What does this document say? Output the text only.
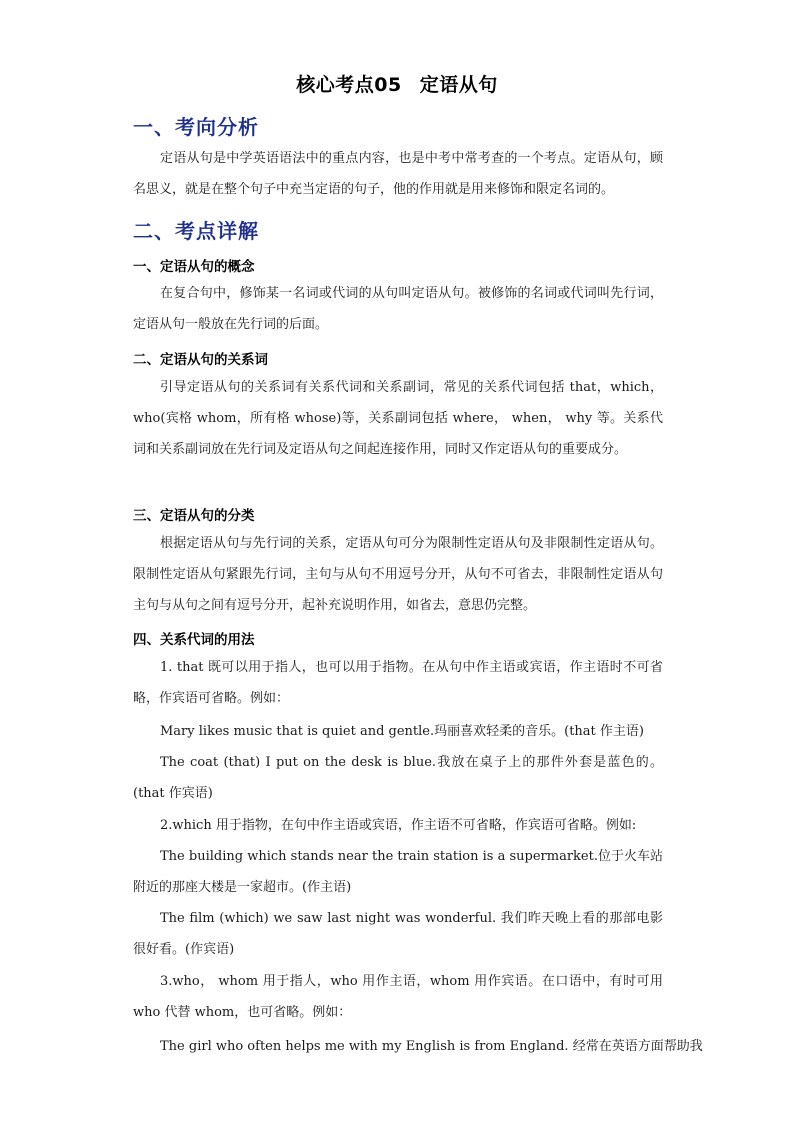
核心考点05 定语从句
一、考向分析
定语从句是中学英语语法中的重点内容，也是中考中常考查的一个考点。定语从句，顾名思义，就是在整个句子中充当定语的句子，他的作用就是用来修饰和限定名词的。
二、考点详解
一、定语从句的概念
在复合句中，修饰某一名词或代词的从句叫定语从句。被修饰的名词或代词叫先行词，定语从句一般放在先行词的后面。
二、定语从句的关系词
引导定语从句的关系词有关系代词和关系副词，常见的关系代词包括 that，which， who(宾格 whom，所有格 whose)等，关系副词包括 where， when， why 等。关系代词和关系副词放在先行词及定语从句之间起连接作用，同时又作定语从句的重要成分。
三、定语从句的分类
根据定语从句与先行词的关系，定语从句可分为限制性定语从句及非限制性定语从句。限制性定语从句紧跟先行词，主句与从句不用逗号分开，从句不可省去，非限制性定语从句主句与从句之间有逗号分开，起补充说明作用，如省去，意思仍完整。
四、关系代词的用法
1. that 既可以用于指人，也可以用于指物。在从句中作主语或宾语，作主语时不可省略，作宾语可省略。例如：
Mary likes music that is quiet and gentle.玛丽喜欢轻柔的音乐。(that 作主语)
The coat (that) I put on the desk is blue.我放在桌子上的那件外套是蓝色的。(that 作宾语)
2.which 用于指物，在句中作主语或宾语，作主语不可省略，作宾语可省略。例如:
The building which stands near the train station is a supermarket.位于火车站附近的那座大楼是一家超市。(作主语)
The film (which) we saw last night was wonderful. 我们昨天晚上看的那部电影很好看。(作宾语)
3.who， whom 用于指人，who 用作主语，whom 用作宾语。在口语中，有时可用 who 代替 whom，也可省略。例如：
The girl who often helps me with my English is from England. 经常在英语方面帮助我
